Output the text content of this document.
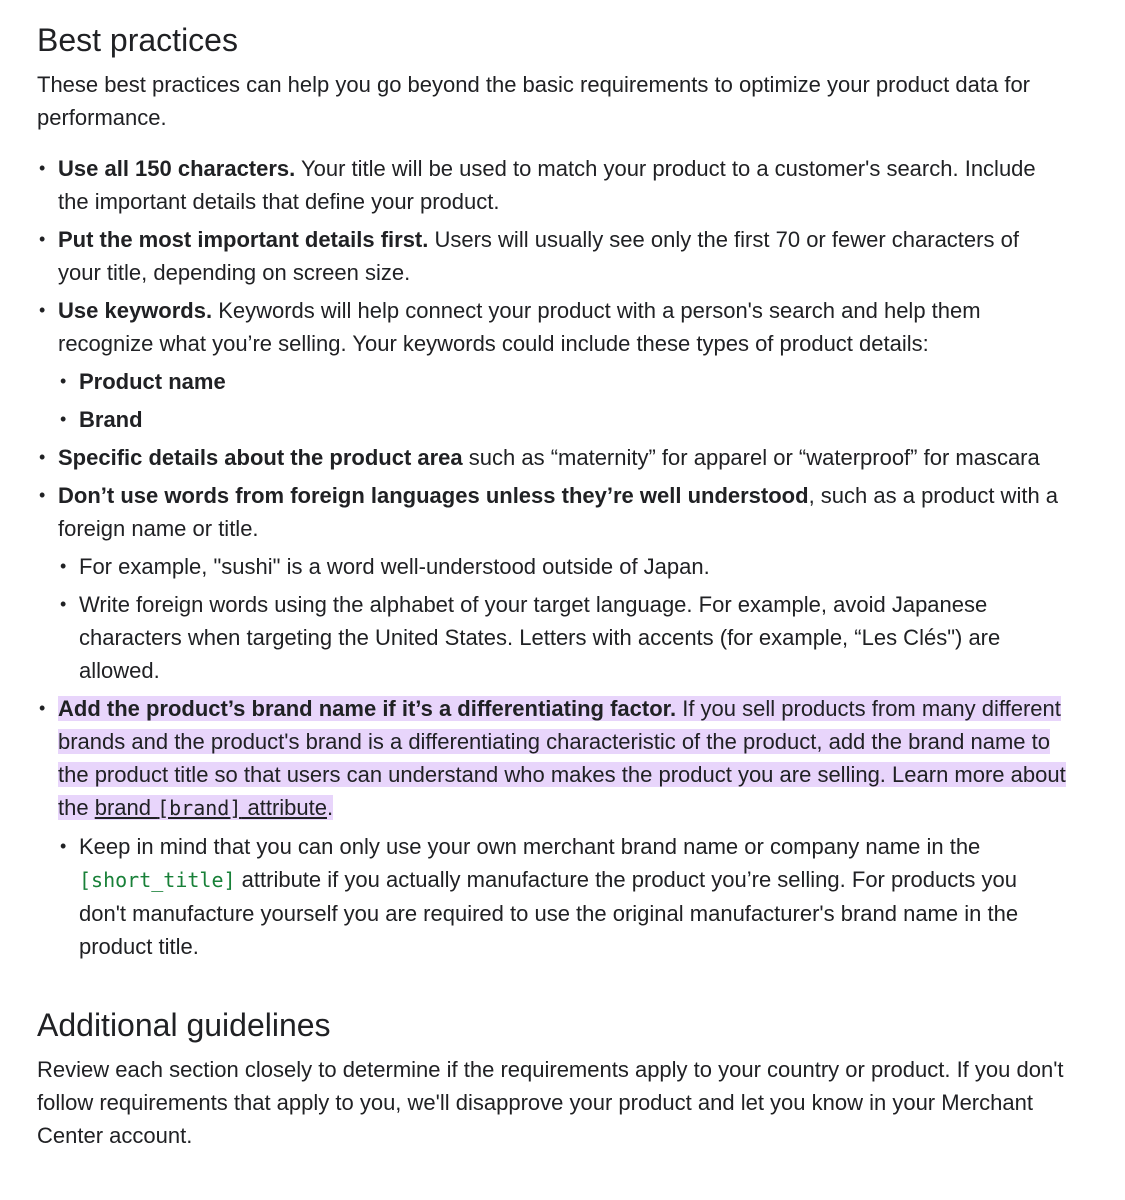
Best practices

These best practices can help you go beyond the basic requirements to optimize your product data for performance.

• Use all 150 characters. Your title will be used to match your product to a customer's search. Include the important details that define your product.
• Put the most important details first. Users will usually see only the first 70 or fewer characters of your title, depending on screen size.
• Use keywords. Keywords will help connect your product with a person's search and help them recognize what you’re selling. Your keywords could include these types of product details:
• Product name
• Brand
• Specific details about the product area such as “maternity” for apparel or “waterproof” for mascara
• Don’t use words from foreign languages unless they’re well understood, such as a product with a foreign name or title.
• For example, "sushi" is a word well-understood outside of Japan.
• Write foreign words using the alphabet of your target language. For example, avoid Japanese characters when targeting the United States. Letters with accents (for example, “Les Clés") are allowed.
• Add the product’s brand name if it’s a differentiating factor. If you sell products from many different brands and the product's brand is a differentiating characteristic of the product, add the brand name to the product title so that users can understand who makes the product you are selling. Learn more about the brand [brand] attribute.
• Keep in mind that you can only use your own merchant brand name or company name in the [short_title] attribute if you actually manufacture the product you’re selling. For products you don't manufacture yourself you are required to use the original manufacturer's brand name in the product title.
Additional guidelines

Review each section closely to determine if the requirements apply to your country or product. If you don't follow requirements that apply to you, we'll disapprove your product and let you know in your Merchant Center account.
